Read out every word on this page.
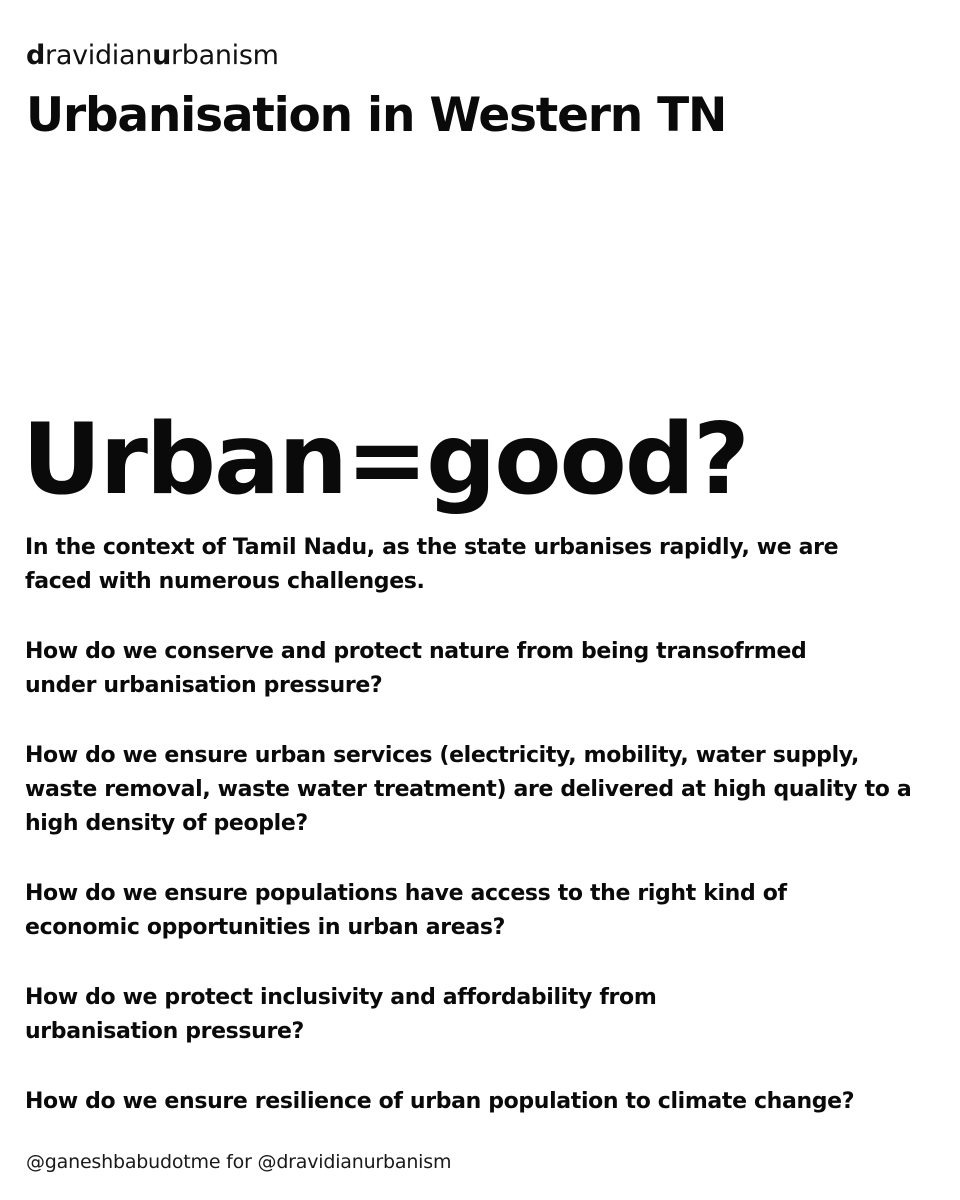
dravidianurbanism
Urbanisation in Western TN
Urban=good?

In the context of Tamil Nadu, as the state urbanises rapidly, we are
faced with numerous challenges.

How do we conserve and protect nature from being transofrmed
under urbanisation pressure?

How do we ensure urban services (electricity, mobility, water supply,
waste removal, waste water treatment) are delivered at high quality to a
high density of people?

How do we ensure populations have access to the right kind of
economic opportunities in urban areas?

How do we protect inclusivity and affordability from
urbanisation pressure?

How do we ensure resilience of urban population to climate change?

@ganeshbabudotme for @dravidianurbanism
